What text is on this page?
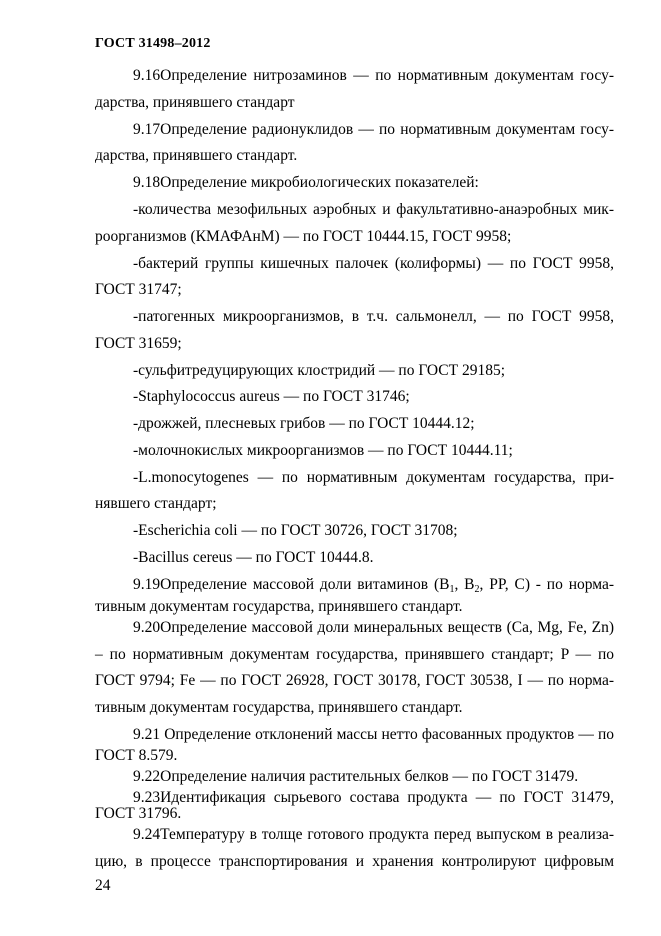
ГОСТ 31498–2012
9.16Определение нитрозаминов — по нормативным документам госу-
дарства, принявшего стандарт
9.17Определение радионуклидов — по нормативным документам госу-
дарства, принявшего стандарт.
9.18Определение микробиологических показателей:
-количества мезофильных аэробных и факультативно-анаэробных мик-
роорганизмов (КМАФАнМ) — по ГОСТ 10444.15, ГОСТ 9958;
-бактерий группы кишечных палочек (колиформы) — по ГОСТ 9958,
ГОСТ 31747;
-патогенных микроорганизмов, в т.ч. сальмонелл, — по ГОСТ 9958,
ГОСТ 31659;
-сульфитредуцирующих клостридий — по ГОСТ 29185;
-Staphylococcus aureus — по ГОСТ 31746;
-дрожжей, плесневых грибов — по ГОСТ 10444.12;
-молочнокислых микроорганизмов — по ГОСТ 10444.11;
-L.monocytogenes — по нормативным документам государства, при-
нявшего стандарт;
-Escherichia coli — по ГОСТ 30726, ГОСТ 31708;
-Bacillus cereus — по ГОСТ 10444.8.
9.19Определение массовой доли витаминов ($B_1$, $B_2$, PP, C) - по норма-
тивным документам государства, принявшего стандарт.
9.20Определение массовой доли минеральных веществ (Ca, Mg, Fe, Zn)
– по нормативным документам государства, принявшего стандарт; P — по
ГОСТ 9794; Fe — по ГОСТ 26928, ГОСТ 30178, ГОСТ 30538, I — по норма-
тивным документам государства, принявшего стандарт.
9.21 Определение отклонений массы нетто фасованных продуктов — по
ГОСТ 8.579.
9.22Определение наличия растительных белков — по ГОСТ 31479.
9.23Идентификация сырьевого состава продукта — по ГОСТ 31479,
ГОСТ 31796.
9.24Температуру в толще готового продукта перед выпуском в реализа-
цию, в процессе транспортирования и хранения контролируют цифровым
24
